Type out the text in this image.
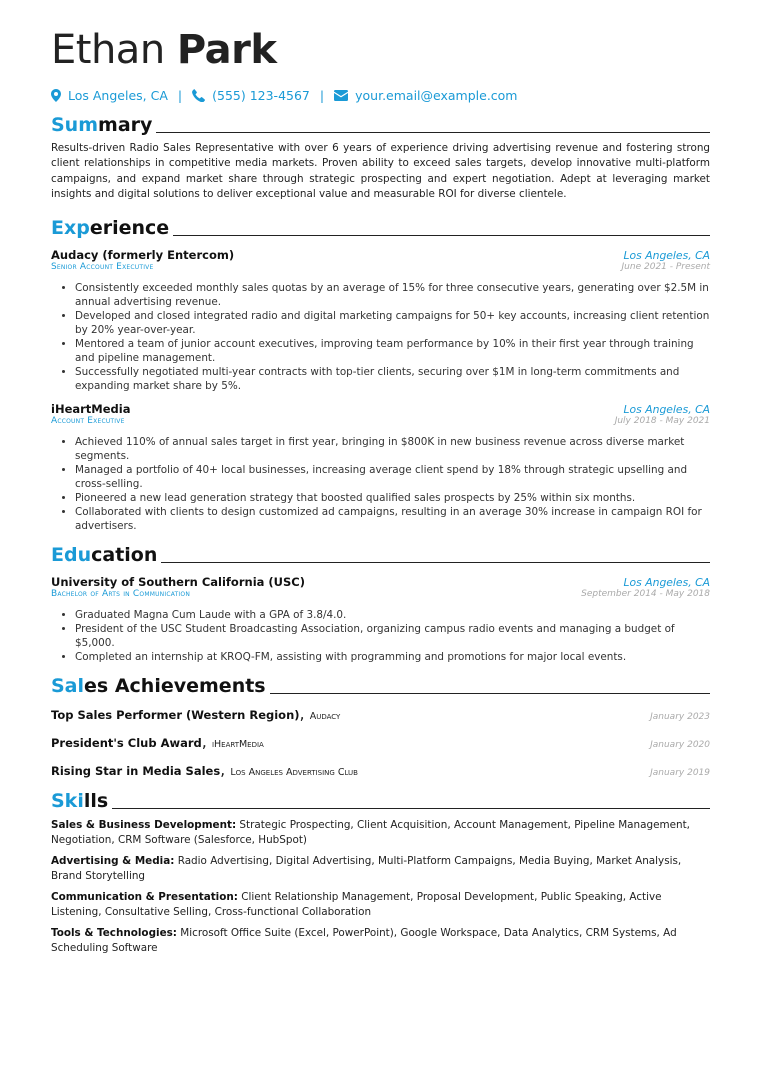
Ethan Park
Los Angeles, CA | (555) 123-4567 | your.email@example.com
Summary
Results-driven Radio Sales Representative with over 6 years of experience driving advertising revenue and fostering strong client relationships in competitive media markets. Proven ability to exceed sales targets, develop innovative multi-platform campaigns, and expand market share through strategic prospecting and expert negotiation. Adept at leveraging market insights and digital solutions to deliver exceptional value and measurable ROI for diverse clientele.
Experience
Audacy (formerly Entercom)	Los Angeles, CA
Senior Account Executive	June 2021 - Present
• Consistently exceeded monthly sales quotas by an average of 15% for three consecutive years, generating over $2.5M in annual advertising revenue.
• Developed and closed integrated radio and digital marketing campaigns for 50+ key accounts, increasing client retention by 20% year-over-year.
• Mentored a team of junior account executives, improving team performance by 10% in their first year through training and pipeline management.
• Successfully negotiated multi-year contracts with top-tier clients, securing over $1M in long-term commitments and expanding market share by 5%.
iHeartMedia	Los Angeles, CA
Account Executive	July 2018 - May 2021
• Achieved 110% of annual sales target in first year, bringing in $800K in new business revenue across diverse market segments.
• Managed a portfolio of 40+ local businesses, increasing average client spend by 18% through strategic upselling and cross-selling.
• Pioneered a new lead generation strategy that boosted qualified sales prospects by 25% within six months.
• Collaborated with clients to design customized ad campaigns, resulting in an average 30% increase in campaign ROI for advertisers.
Education
University of Southern California (USC)	Los Angeles, CA
Bachelor of Arts in Communication	September 2014 - May 2018
• Graduated Magna Cum Laude with a GPA of 3.8/4.0.
• President of the USC Student Broadcasting Association, organizing campus radio events and managing a budget of $5,000.
• Completed an internship at KROQ-FM, assisting with programming and promotions for major local events.
Sales Achievements
Top Sales Performer (Western Region), Audacy	January 2023
President's Club Award, iHeartMedia	January 2020
Rising Star in Media Sales, Los Angeles Advertising Club	January 2019
Skills
Sales & Business Development: Strategic Prospecting, Client Acquisition, Account Management, Pipeline Management, Negotiation, CRM Software (Salesforce, HubSpot)
Advertising & Media: Radio Advertising, Digital Advertising, Multi-Platform Campaigns, Media Buying, Market Analysis, Brand Storytelling
Communication & Presentation: Client Relationship Management, Proposal Development, Public Speaking, Active Listening, Consultative Selling, Cross-functional Collaboration
Tools & Technologies: Microsoft Office Suite (Excel, PowerPoint), Google Workspace, Data Analytics, CRM Systems, Ad Scheduling Software
